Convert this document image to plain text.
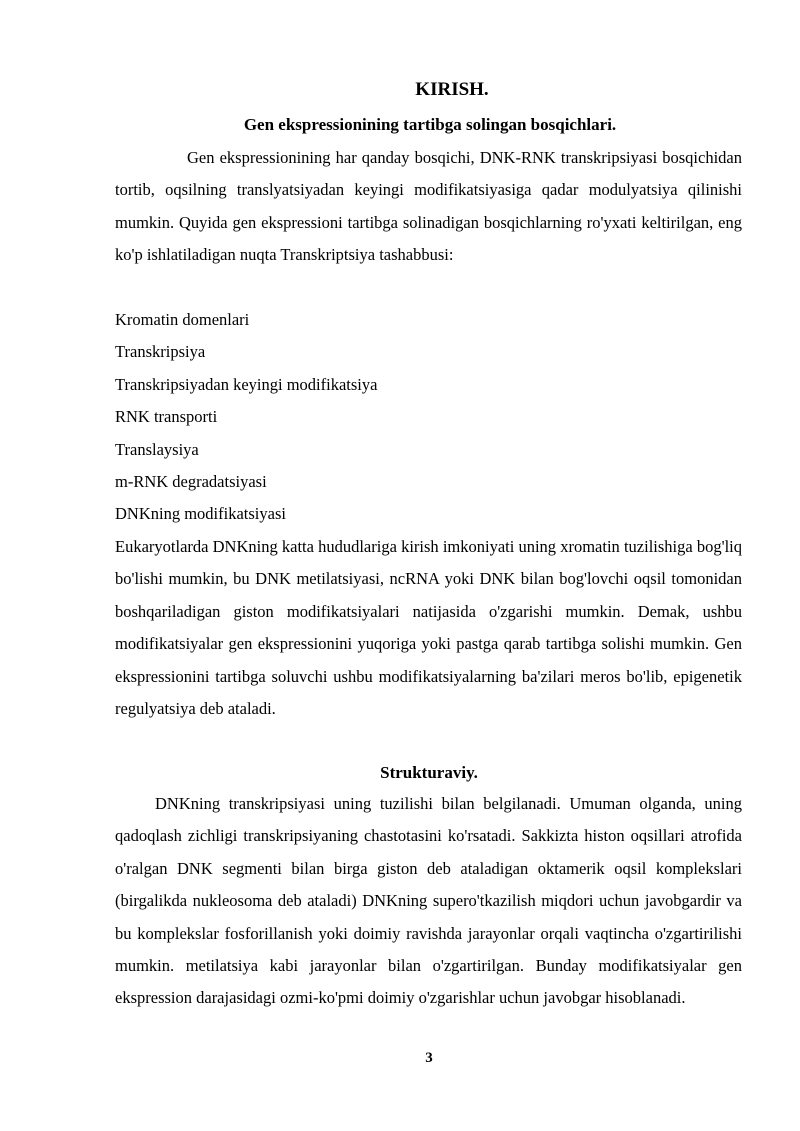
KIRISH.
Gen ekspressionining tartibga solingan bosqichlari.
Gen ekspressionining har qanday bosqichi, DNK-RNK transkripsiyasi bosqichidan tortib, oqsilning translyatsiyadan keyingi modifikatsiyasiga qadar modulyatsiya qilinishi mumkin. Quyida gen ekspressioni tartibga solinadigan bosqichlarning ro'yxati keltirilgan, eng ko'p ishlatiladigan nuqta Transkriptsiya tashabbusi:
Kromatin domenlari
Transkripsiya
Transkripsiyadan keyingi modifikatsiya
RNK transporti
Translaysiya
m-RNK degradatsiyasi
DNKning modifikatsiyasi
Eukaryotlarda DNKning katta hududlariga kirish imkoniyati uning xromatin tuzilishiga bog'liq bo'lishi mumkin, bu DNK metilatsiyasi, ncRNA yoki DNK bilan bog'lovchi oqsil tomonidan boshqariladigan giston modifikatsiyalari natijasida o'zgarishi mumkin. Demak, ushbu modifikatsiyalar gen ekspressionini yuqoriga yoki pastga qarab tartibga solishi mumkin. Gen ekspressionini tartibga soluvchi ushbu modifikatsiyalarning ba'zilari meros bo'lib, epigenetik regulyatsiya deb ataladi.
Strukturaviy.
DNKning transkripsiyasi uning tuzilishi bilan belgilanadi. Umuman olganda, uning qadoqlash zichligi transkripsiyaning chastotasini ko'rsatadi. Sakkizta histon oqsillari atrofida o'ralgan DNK segmenti bilan birga giston deb ataladigan oktamerik oqsil komplekslari (birgalikda nukleosoma deb ataladi) DNKning supero'tkazilish miqdori uchun javobgardir va bu komplekslar fosforillanish yoki doimiy ravishda jarayonlar orqali vaqtincha o'zgartirilishi mumkin. metilatsiya kabi jarayonlar bilan o'zgartirilgan. Bunday modifikatsiyalar gen ekspression darajasidagi ozmi-ko'pmi doimiy o'zgarishlar uchun javobgar hisoblanadi.
3
